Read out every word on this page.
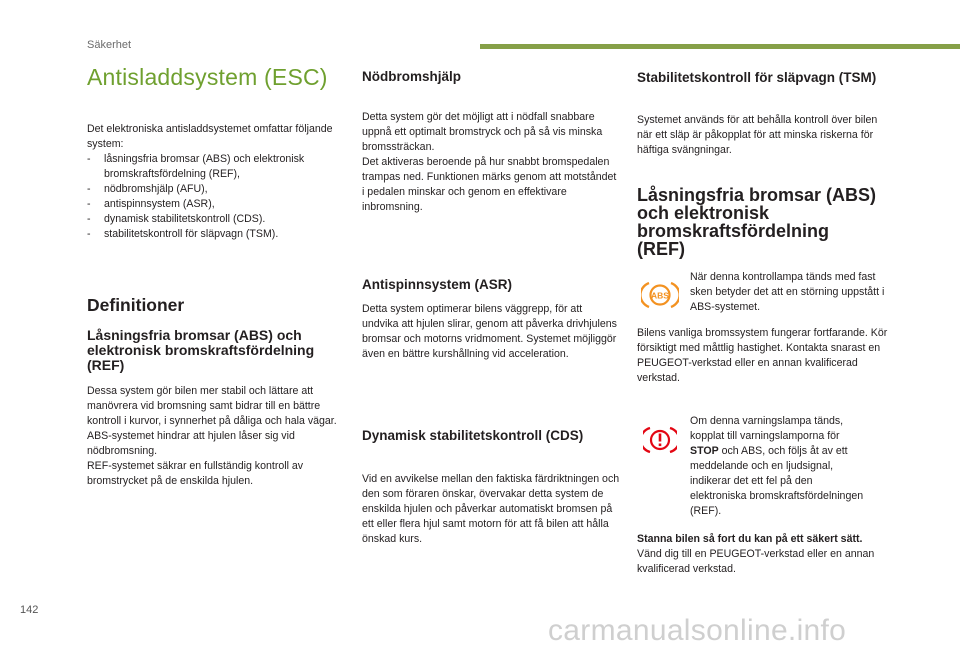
Säkerhet
Antisladdsystem (ESC)
Det elektroniska antisladdsystemet omfattar följande system:
-	låsningsfria bromsar (ABS) och elektronisk bromskraftsfördelning (REF),
-	nödbromshjälp (AFU),
-	antispinnsystem (ASR),
-	dynamisk stabilitetskontroll (CDS).
-	stabilitetskontroll för släpvagn (TSM).
Definitioner
Låsningsfria bromsar (ABS) och elektronisk bromskraftsfördelning (REF)
Dessa system gör bilen mer stabil och lättare att manövrera vid bromsning samt bidrar till en bättre kontroll i kurvor, i synnerhet på dåliga och hala vägar.
ABS-systemet hindrar att hjulen låser sig vid nödbromsning.
REF-systemet säkrar en fullständig kontroll av bromstrycket på de enskilda hjulen.
Nödbromshjälp
Detta system gör det möjligt att i nödfall snabbare uppnå ett optimalt bromstryck och på så vis minska bromssträckan.
Det aktiveras beroende på hur snabbt bromspedalen trampas ned. Funktionen märks genom att motståndet i pedalen minskar och genom en effektivare inbromsning.
Antispinnsystem (ASR)
Detta system optimerar bilens väggrepp, för att undvika att hjulen slirar, genom att påverka drivhjulens bromsar och motorns vridmoment. Systemet möjliggör även en bättre kurshållning vid acceleration.
Dynamisk stabilitetskontroll (CDS)
Vid en avvikelse mellan den faktiska färdriktningen och den som föraren önskar, övervakar detta system de enskilda hjulen och påverkar automatiskt bromsen på ett eller flera hjul samt motorn för att få bilen att hålla önskad kurs.
Stabilitetskontroll för släpvagn (TSM)
Systemet används för att behålla kontroll över bilen när ett släp är påkopplat för att minska riskerna för häftiga svängningar.
Låsningsfria bromsar (ABS) och elektronisk bromskraftsfördelning (REF)
ABS
När denna kontrollampa tänds med fast sken betyder det att en störning uppstått i ABS-systemet.
Bilens vanliga bromssystem fungerar fortfarande. Kör försiktigt med måttlig hastighet. Kontakta snarast en PEUGEOT-verkstad eller en annan kvalificerad verkstad.
Om denna varningslampa tänds, kopplat till varningslamporna för STOP och ABS, och följs åt av ett meddelande och en ljudsignal, indikerar det ett fel på den elektroniska bromskraftsfördelningen (REF).
Stanna bilen så fort du kan på ett säkert sätt.
Vänd dig till en PEUGEOT-verkstad eller en annan kvalificerad verkstad.
142
carmanualsonline.info
